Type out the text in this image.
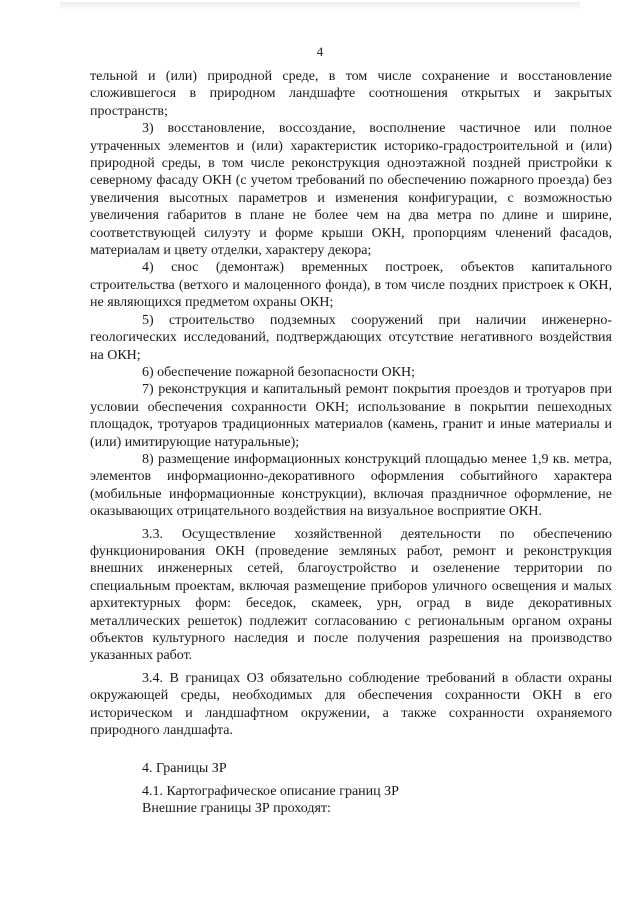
4

тельной и (или) природной среде, в том числе сохранение и восстановление сложившегося в природном ландшафте соотношения открытых и закрытых пространств;

3) восстановление, воссоздание, восполнение частичное или полное утраченных элементов и (или) характеристик историко-градостроительной и (или) природной среды, в том числе реконструкция одноэтажной поздней пристройки к северному фасаду ОКН (с учетом требований по обеспечению пожарного проезда) без увеличения высотных параметров и изменения конфигурации, с возможностью увеличения габаритов в плане не более чем на два метра по длине и ширине, соответствующей силуэту и форме крыши ОКН, пропорциям членений фасадов, материалам и цвету отделки, характеру декора;

4) снос (демонтаж) временных построек, объектов капитального строительства (ветхого и малоценного фонда), в том числе поздних пристроек к ОКН, не являющихся предметом охраны ОКН;

5) строительство подземных сооружений при наличии инженерно-геологических исследований, подтверждающих отсутствие негативного воздействия на ОКН;

6) обеспечение пожарной безопасности ОКН;

7) реконструкция и капитальный ремонт покрытия проездов и тротуаров при условии обеспечения сохранности ОКН; использование в покрытии пешеходных площадок, тротуаров традиционных материалов (камень, гранит и иные материалы и (или) имитирующие натуральные);

8) размещение информационных конструкций площадью менее 1,9 кв. метра, элементов информационно-декоративного оформления событийного характера (мобильные информационные конструкции), включая праздничное оформление, не оказывающих отрицательного воздействия на визуальное восприятие ОКН.

3.3. Осуществление хозяйственной деятельности по обеспечению функционирования ОКН (проведение земляных работ, ремонт и реконструкция внешних инженерных сетей, благоустройство и озеленение территории по специальным проектам, включая размещение приборов уличного освещения и малых архитектурных форм: беседок, скамеек, урн, оград в виде декоративных металлических решеток) подлежит согласованию с региональным органом охраны объектов культурного наследия и после получения разрешения на производство указанных работ.

3.4. В границах ОЗ обязательно соблюдение требований в области охраны окружающей среды, необходимых для обеспечения сохранности ОКН в его историческом и ландшафтном окружении, а также сохранности охраняемого природного ландшафта.

4. Границы ЗР

4.1. Картографическое описание границ ЗР

Внешние границы ЗР проходят:
